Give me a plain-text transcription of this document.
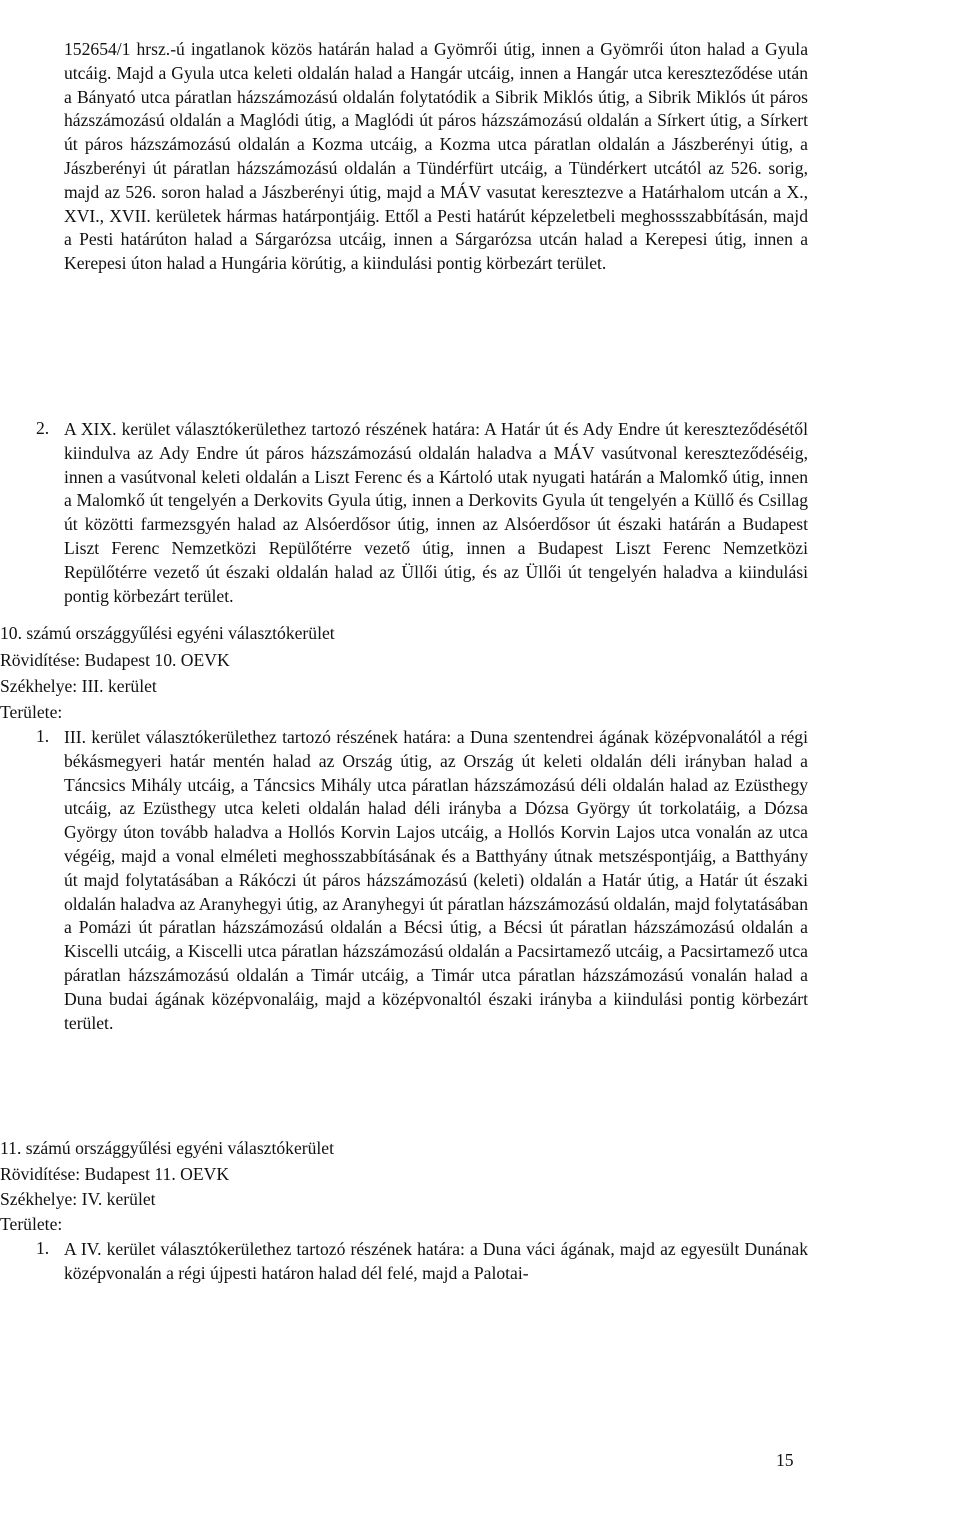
152654/1 hrsz.-ú ingatlanok közös határán halad a Gyömrői útig, innen a Gyömrői úton halad a Gyula utcáig. Majd a Gyula utca keleti oldalán halad a Hangár utcáig, innen a Hangár utca kereszteződése után a Bányató utca páratlan házszámozású oldalán folytatódik a Sibrik Miklós útig, a Sibrik Miklós út páros házszámozású oldalán a Maglódi útig, a Maglódi út páros házszámozású oldalán a Sírkert útig, a Sírkert út páros házszámozású oldalán a Kozma utcáig, a Kozma utca páratlan oldalán a Jászberényi útig, a Jászberényi út páratlan házszámozású oldalán a Tündérfürt utcáig, a Tündérkert utcától az 526. sorig, majd az 526. soron halad a Jászberényi útig, majd a MÁV vasutat keresztezve a Határhalom utcán a X., XVI., XVII. kerületek hármas határpontjáig. Ettől a Pesti határút képzeletbeli meghossszabbításán, majd a Pesti határúton halad a Sárgarózsa utcáig, innen a Sárgarózsa utcán halad a Kerepesi útig, innen a Kerepesi úton halad a Hungária körútig, a kiindulási pontig körbezárt terület.

2. A XIX. kerület választókerülethez tartozó részének határa: A Határ út és Ady Endre út kereszteződésétől kiindulva az Ady Endre út páros házszámozású oldalán haladva a MÁV vasútvonal kereszteződéséig, innen a vasútvonal keleti oldalán a Liszt Ferenc és a Kártoló utak nyugati határán a Malomkő útig, innen a Malomkő út tengelyén a Derkovits Gyula útig, innen a Derkovits Gyula út tengelyén a Küllő és Csillag út közötti farmezsgyén halad az Alsóerdősor útig, innen az Alsóerdősor út északi határán a Budapest Liszt Ferenc Nemzetközi Repülőtérre vezető útig, innen a Budapest Liszt Ferenc Nemzetközi Repülőtérre vezető út északi oldalán halad az Üllői útig, és az Üllői út tengelyén haladva a kiindulási pontig körbezárt terület.

10. számú országgyűlési egyéni választókerület

Rövidítése: Budapest 10. OEVK

Székhelye: III. kerület

Területe:

1. III. kerület választókerülethez tartozó részének határa: a Duna szentendrei ágának középvonalától a régi békásmegyeri határ mentén halad az Ország útig, az Ország út keleti oldalán déli irányban halad a Táncsics Mihály utcáig, a Táncsics Mihály utca páratlan házszámozású déli oldalán halad az Ezüsthegy utcáig, az Ezüsthegy utca keleti oldalán halad déli irányba a Dózsa György út torkolatáig, a Dózsa György úton tovább haladva a Hollós Korvin Lajos utcáig, a Hollós Korvin Lajos utca vonalán az utca végéig, majd a vonal elméleti meghosszabbításának és a Batthyány útnak metszéspontjáig, a Batthyány út majd folytatásában a Rákóczi út páros házszámozású (keleti) oldalán a Határ útig, a Határ út északi oldalán haladva az Aranyhegyi útig, az Aranyhegyi út páratlan házszámozású oldalán, majd folytatásában a Pomázi út páratlan házszámozású oldalán a Bécsi útig, a Bécsi út páratlan házszámozású oldalán a Kiscelli utcáig, a Kiscelli utca páratlan házszámozású oldalán a Pacsirtamező utcáig, a Pacsirtamező utca páratlan házszámozású oldalán a Timár utcáig, a Timár utca páratlan házszámozású vonalán halad a Duna budai ágának középvonaláig, majd a középvonaltól északi irányba a kiindulási pontig körbezárt terület.

11. számú országgyűlési egyéni választókerület

Rövidítése: Budapest 11. OEVK

Székhelye: IV. kerület

Területe:

1. A IV. kerület választókerülethez tartozó részének határa: a Duna váci ágának, majd az egyesült Dunának középvonalán a régi újpesti határon halad dél felé, majd a Palotai-

15
